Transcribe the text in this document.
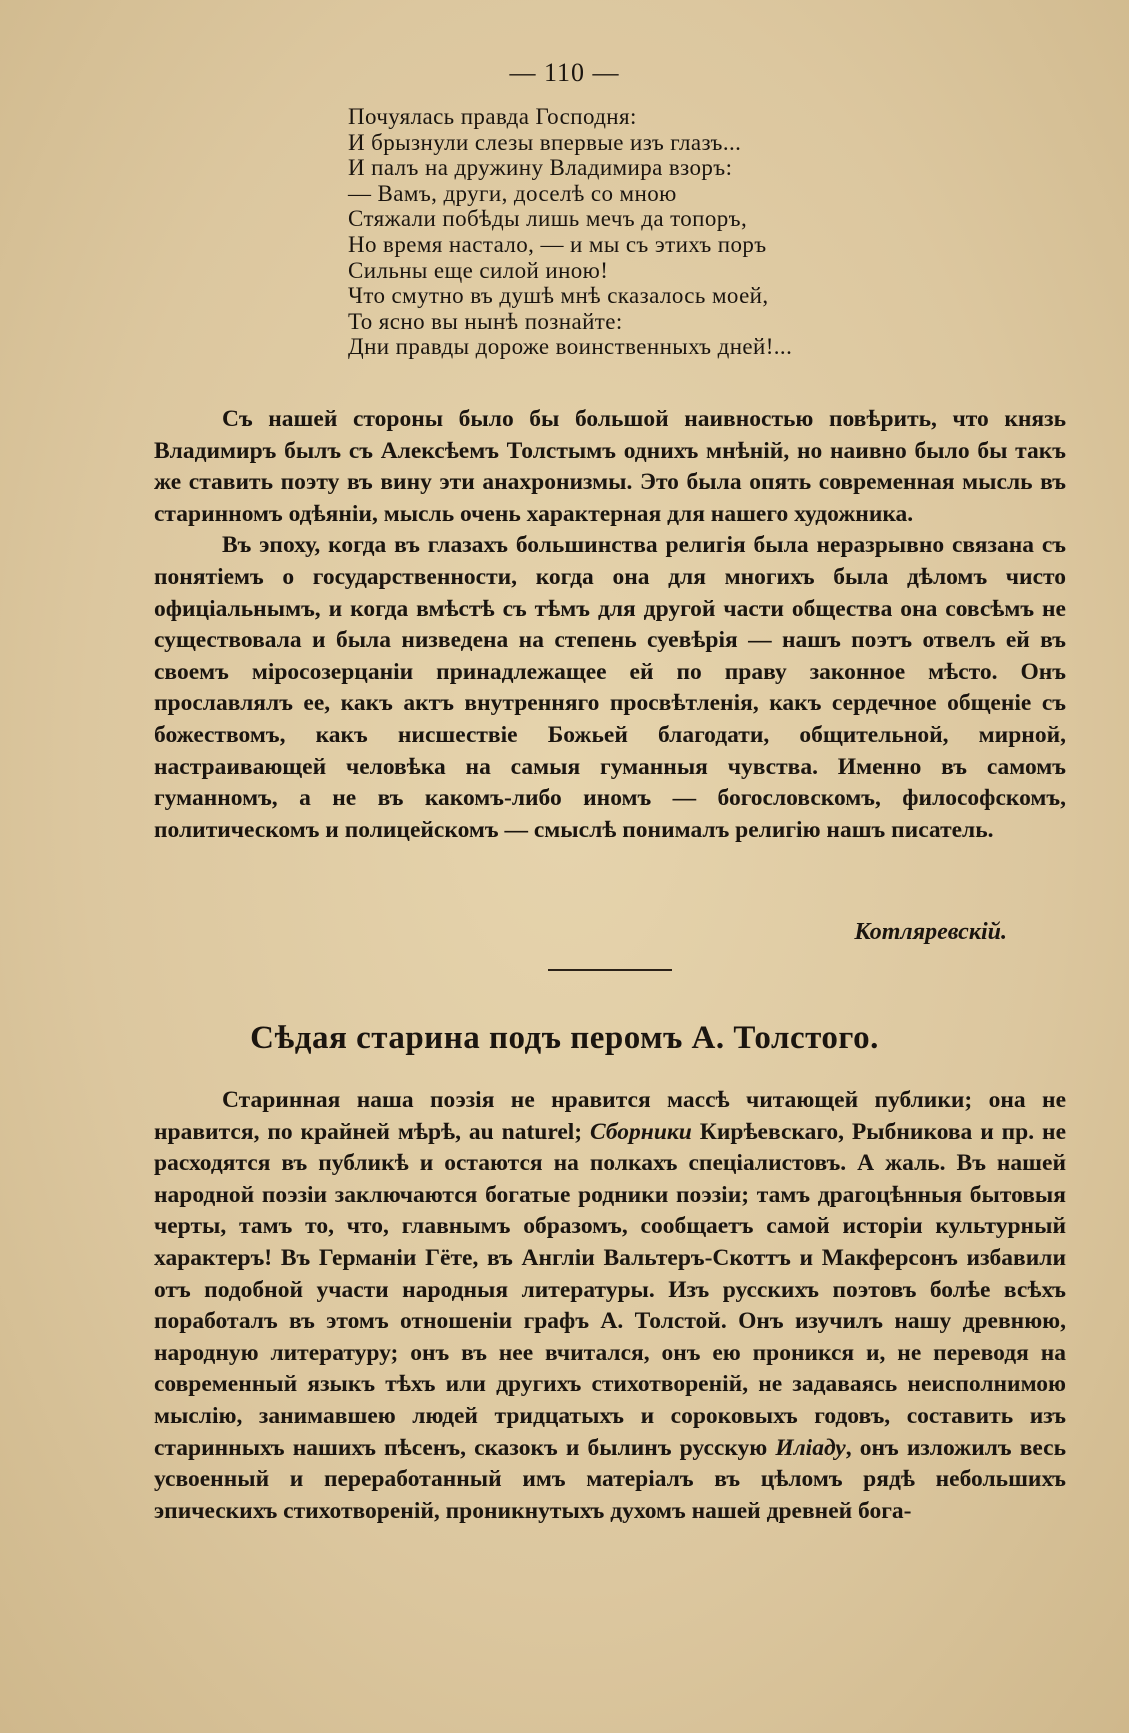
— 110 —
Почуялась правда Господня:
И брызнули слезы впервые изъ глазъ...
И палъ на дружину Владимира взоръ:
— Вамъ, други, доселѣ со мною
Стяжали побѣды лишь мечъ да топоръ,
Но время настало, — и мы съ этихъ поръ
Сильны еще силой иною!
Что смутно въ душѣ мнѣ сказалось моей,
То ясно вы нынѣ познайте:
Дни правды дороже воинственныхъ дней!...

Съ нашей стороны было бы большой наивностью повѣрить, что князь Владимиръ былъ съ Алексѣемъ Толстымъ однихъ мнѣній, но наивно было бы такъ же ставить поэту въ вину эти анахронизмы. Это была опять современная мысль въ старинномъ одѣяніи, мысль очень характерная для нашего художника.

Въ эпоху, когда въ глазахъ большинства религія была неразрывно связана съ понятіемъ о государственности, когда она для многихъ была дѣломъ чисто офиціальнымъ, и когда вмѣстѣ съ тѣмъ для другой части общества она совсѣмъ не существовала и была низведена на степень суевѣрія — нашъ поэтъ отвелъ ей въ своемъ міросозерцаніи принадлежащее ей по праву законное мѣсто. Онъ прославлялъ ее, какъ актъ внутренняго просвѣтленія, какъ сердечное общеніе съ божествомъ, какъ нисшествіе Божьей благодати, общительной, мирной, настраивающей человѣка на самыя гуманныя чувства. Именно въ самомъ гуманномъ, а не въ какомъ-либо иномъ — богословскомъ, философскомъ, политическомъ и полицейскомъ — смыслѣ понималъ религію нашъ писатель.

Котляревскій.
Сѣдая старина подъ перомъ А. Толстого.

Старинная наша поэзія не нравится массѣ читающей публики; она не нравится, по крайней мѣрѣ, au naturel; Сборники Кирѣевскаго, Рыбникова и пр. не расходятся въ публикѣ и остаются на полкахъ спеціалистовъ. А жаль. Въ нашей народной поэзіи заключаются богатые родники поэзіи; тамъ драгоцѣнныя бытовыя черты, тамъ то, что, главнымъ образомъ, сообщаетъ самой исторіи культурный характеръ! Въ Германіи Гёте, въ Англіи Вальтеръ-Скоттъ и Макферсонъ избавили отъ подобной участи народныя литературы. Изъ русскихъ поэтовъ болѣе всѣхъ поработалъ въ этомъ отношеніи графъ А. Толстой. Онъ изучилъ нашу древнюю, народную литературу; онъ въ нее вчитался, онъ ею проникся и, не переводя на современный языкъ тѣхъ или другихъ стихотвореній, не задаваясь неисполнимою мыслію, занимавшею людей тридцатыхъ и сороковыхъ годовъ, составить изъ старинныхъ нашихъ пѣсенъ, сказокъ и былинъ русскую Иліаду, онъ изложилъ весь усвоенный и переработанный имъ матеріалъ въ цѣломъ рядѣ небольшихъ эпическихъ стихотвореній, проникнутыхъ духомъ нашей древней бога-
